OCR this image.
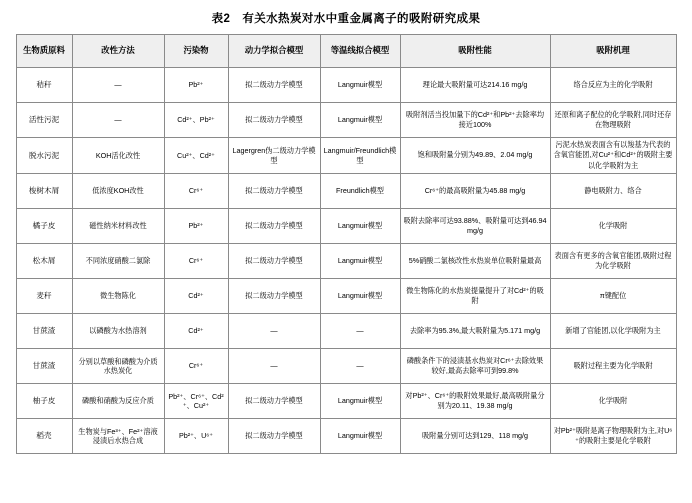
表2 有关水热炭对水中重金属离子的吸附研究成果
生物质原料	改性方法	污染物	动力学拟合模型	等温线拟合模型	吸附性能	吸附机理
秸秆	—	Pb²⁺	拟二级动力学模型	Langmuir模型	理论最大吸附量可达214.16 mg/g	络合反应为主的化学吸附
活性污泥	—	Cd²⁺、Pb²⁺	拟二级动力学模型	Langmuir模型	吸附剂活当投加量下的Cd²⁺和Pb²⁺去除率均接近100%	还原和离子配位的化学吸附,同时还存在物理吸附
脱水污泥	KOH活化改性	Cu²⁺、Cd²⁺	Lagergren伪二级动力学模型	Langmuir/Freundlich模型	饱和吸附量分别为49.89、2.04 mg/g	污泥水热炭表面含有以羧基为代表的含氧官能团,对Cu²⁺和Cd²⁺的吸附主要以化学吸附为主
梭树木屑	低浓度KOH改性	Cr⁶⁺	拟二级动力学模型	Freundlich模型	Cr⁶⁺的最高吸附量为45.88 mg/g	静电吸附力、络合
橘子皮	磁性纳米材料改性	Pb²⁺	拟二级动力学模型	Langmuir模型	吸附去除率可达93.88%、吸附量可达到46.94 mg/g	化学吸附
松木屑	不同浓度硝酸二氯除	Cr⁶⁺	拟二级动力学模型	Langmuir模型	5%硝酸二氯核改性水热炭单位吸附量最高	表面含有更多的含氧官能团,吸附过程为化学吸附
麦秆	微生物陈化	Cd²⁺	拟二级动力学模型	Langmuir模型	微生物陈化的水热炭提量提升了对Cd²⁺的吸附	π键配位
甘蔗渣	以磷酸为水热溶剂	Cd²⁺	—	—	去除率为95.3%,最大吸附量为5.171 mg/g	新增了官能团,以化学吸附为主
甘蔗渣	分别以草酸和磷酸为介质水热炭化	Cr⁶⁺	—	—	磷酸条件下的浸渍基水热炭对Cr⁶⁺去除效果较好,最高去除率可到99.8%	吸附过程主要为化学吸附
柚子皮	磷酸和硝酸为反应介质	Pb²⁺、Cr⁶⁺、Cd²⁺、Cu²⁺	拟二级动力学模型	Langmuir模型	对Pb²⁺、Cr⁶⁺的吸附效果最好,最高吸附量分别为20.11、19.38 mg/g	化学吸附
稻壳	生物炭与Fe³⁺、Fe²⁺溶液浸渍后水热合成	Pb²⁺、U⁶⁺	拟二级动力学模型	Langmuir模型	吸附量分别可达到129、118 mg/g	对Pb²⁺吸附是离子物理吸附为主,对U⁶⁺的吸附主要是化学吸附
